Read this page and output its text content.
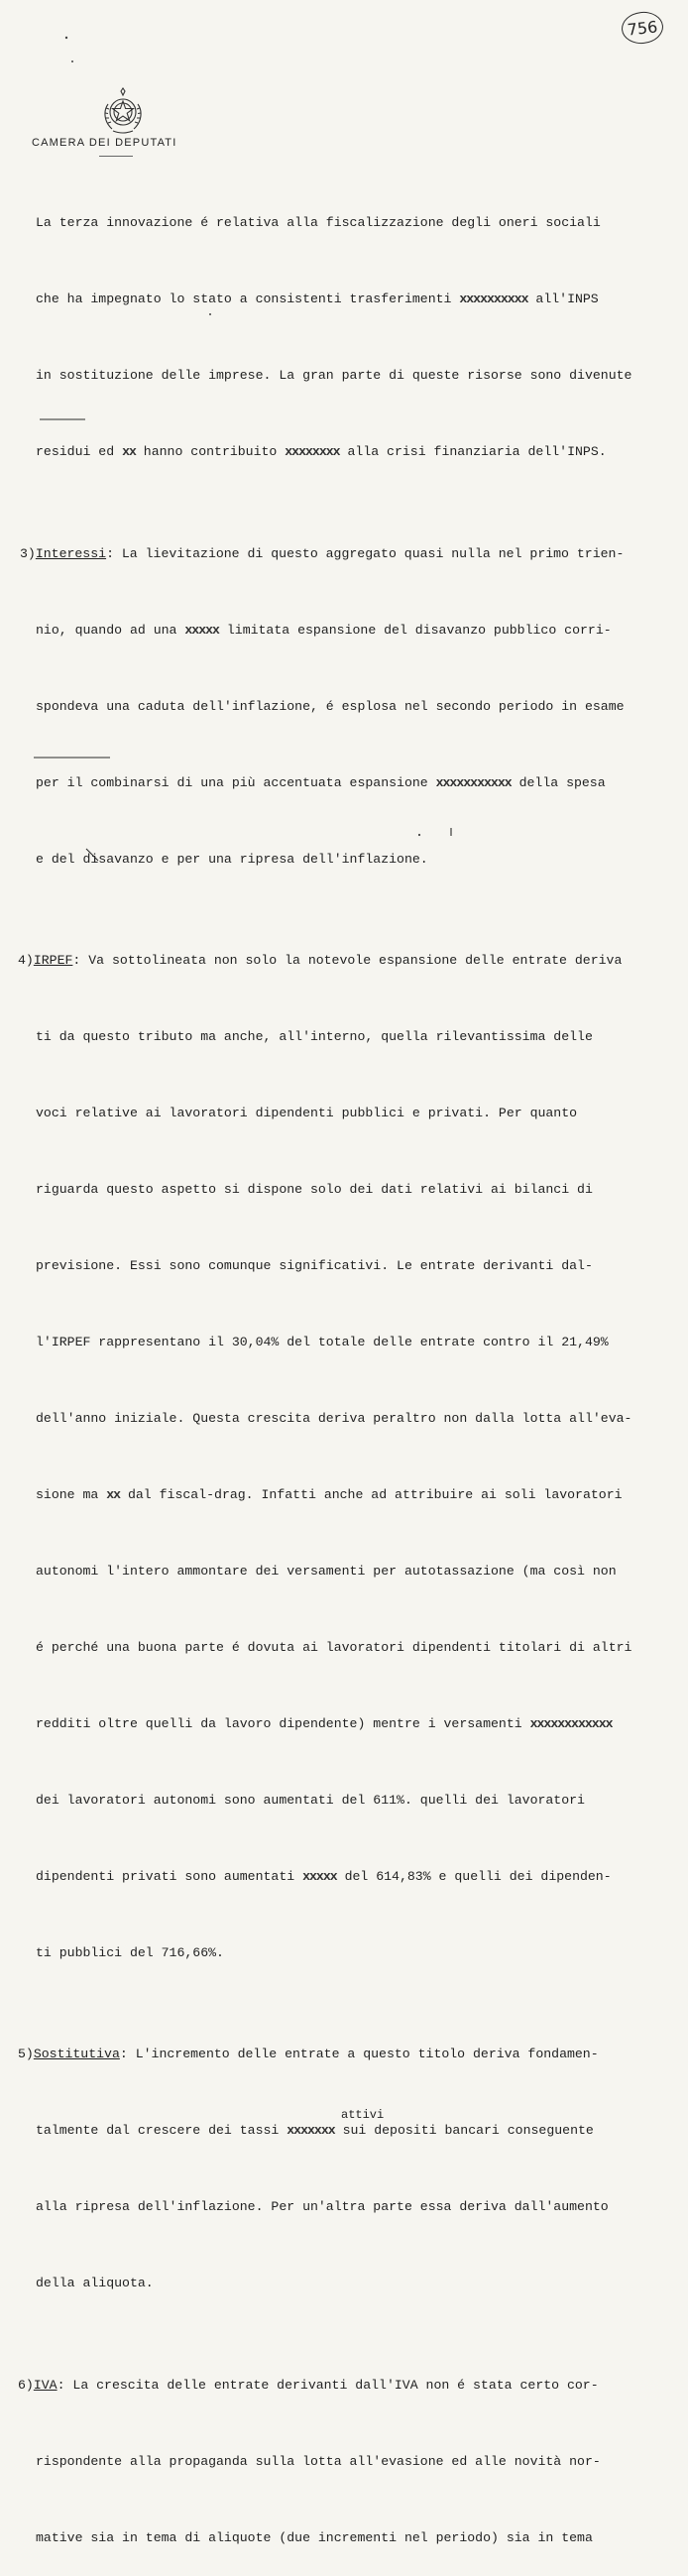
756
CAMERA DEI DEPUTATI

La terza innovazione é relativa alla fiscalizzazione degli oneri sociali

che ha impegnato lo stato a consistenti trasferimenti xxxxxxxxxx all'INPS

in sostituzione delle imprese. La gran parte di queste risorse sono divenute

residui ed xx hanno contribuito xxxxxxxx alla crisi finanziaria dell'INPS.

3)Interessi: La lievitazione di questo aggregato quasi nulla nel primo trien-

nio, quando ad una xxxxx limitata espansione del disavanzo pubblico corri-

spondeva una caduta dell'inflazione, é esplosa nel secondo periodo in esame

per il combinarsi di una più accentuata espansione xxxxxxxxxxx della spesa

e del disavanzo e per una ripresa dell'inflazione.

4)IRPEF: Va sottolineata non solo la notevole espansione delle entrate deriva

ti da questo tributo ma anche, all'interno, quella rilevantissima delle

voci relative ai lavoratori dipendenti pubblici e privati. Per quanto

riguarda questo aspetto si dispone solo dei dati relativi ai bilanci di

previsione. Essi sono comunque significativi. Le entrate derivanti dal-

l'IRPEF rappresentano il 30,04% del totale delle entrate contro il 21,49%

dell'anno iniziale. Questa crescita deriva peraltro non dalla lotta all'eva-

sione ma xx dal fiscal-drag. Infatti anche ad attribuire ai soli lavoratori

autonomi l'intero ammontare dei versamenti per autotassazione (ma così non

é perché una buona parte é dovuta ai lavoratori dipendenti titolari di altri

redditi oltre quelli da lavoro dipendente) mentre i versamenti xxxxxxxxxxxx

dei lavoratori autonomi sono aumentati del 611%. quelli dei lavoratori

dipendenti privati sono aumentati xxxxx del 614,83% e quelli dei dipenden-

ti pubblici del 716,66%.

5)Sostitutiva: L'incremento delle entrate a questo titolo deriva fondamen-

talmente dal crescere dei tassi
attivi
xxxxxxx sui depositi bancari conseguente

alla ripresa dell'inflazione. Per un'altra parte essa deriva dall'aumento

della aliquota.

6)IVA: La crescita delle entrate derivanti dall'IVA non é stata certo cor-

rispondente alla propaganda sulla lotta all'evasione ed alle novità nor-

mative sia in tema di aliquote (due incrementi nel periodo) sia in tema
